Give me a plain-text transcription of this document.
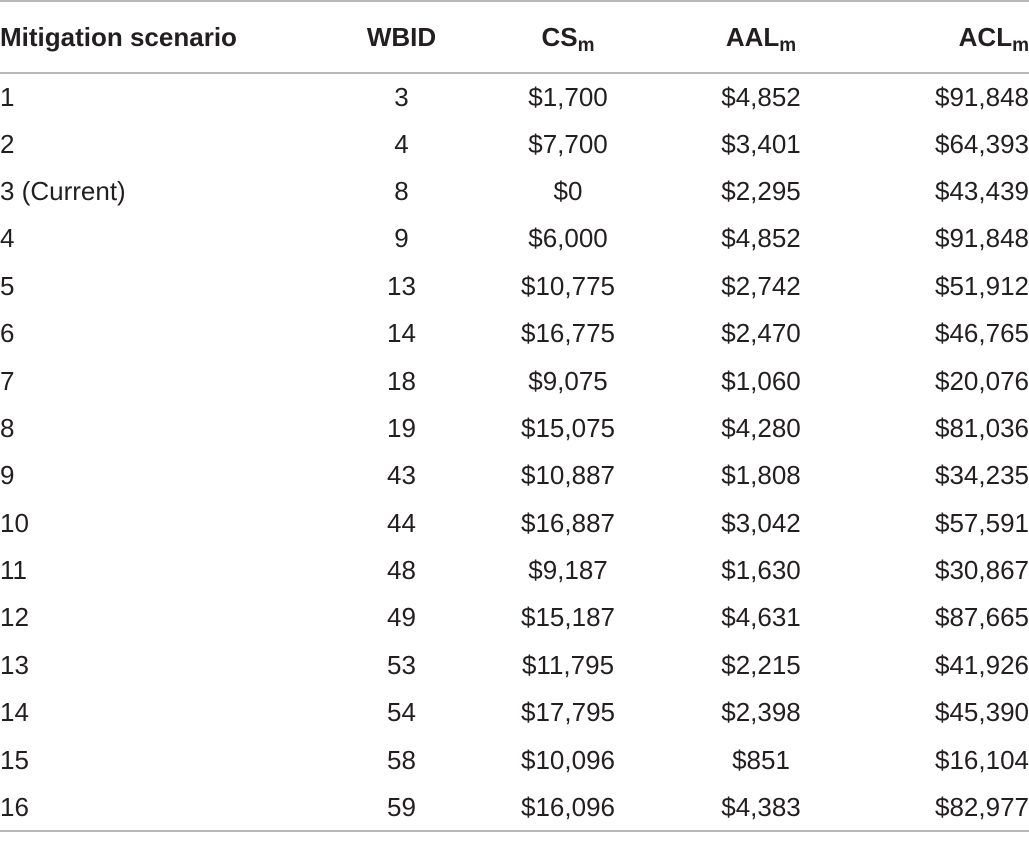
Mitigation scenario	WBID	$CS_m$	$AAL_m$	$ACL_m$
1	3	$1,700	$4,852	$91,848
2	4	$7,700	$3,401	$64,393
3 (Current)	8	$0	$2,295	$43,439
4	9	$6,000	$4,852	$91,848
5	13	$10,775	$2,742	$51,912
6	14	$16,775	$2,470	$46,765
7	18	$9,075	$1,060	$20,076
8	19	$15,075	$4,280	$81,036
9	43	$10,887	$1,808	$34,235
10	44	$16,887	$3,042	$57,591
11	48	$9,187	$1,630	$30,867
12	49	$15,187	$4,631	$87,665
13	53	$11,795	$2,215	$41,926
14	54	$17,795	$2,398	$45,390
15	58	$10,096	$851	$16,104
16	59	$16,096	$4,383	$82,977
